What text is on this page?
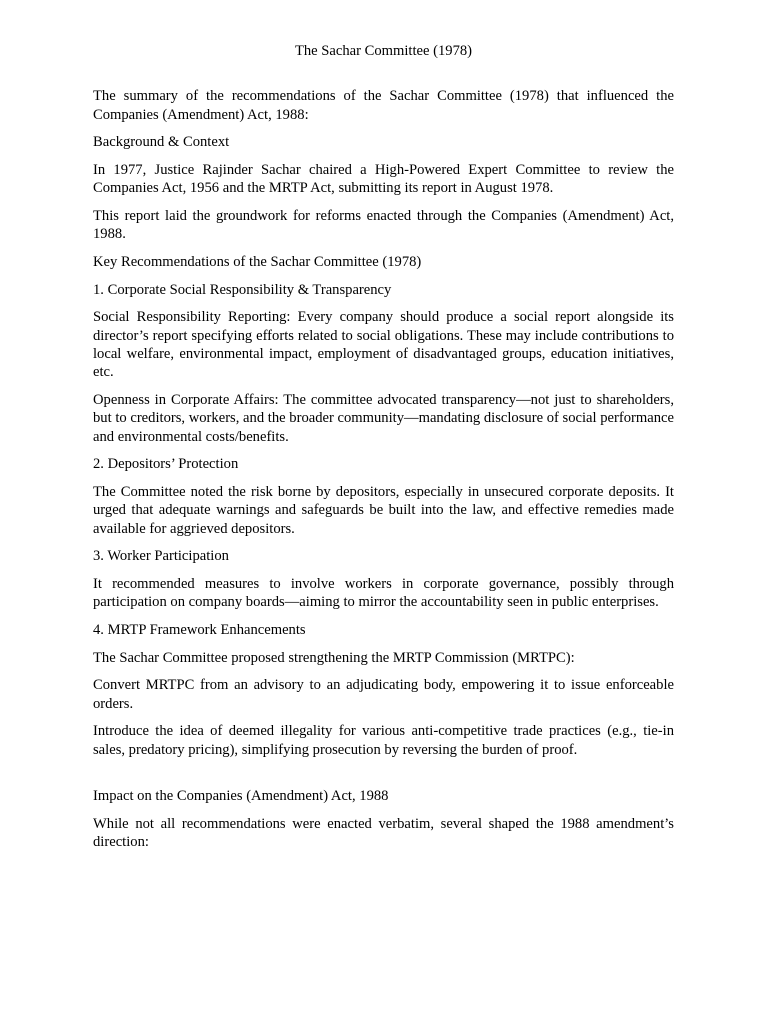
The Sachar Committee (1978)

The summary of the recommendations of the Sachar Committee (1978) that influenced the Companies (Amendment) Act, 1988:

Background & Context

In 1977, Justice Rajinder Sachar chaired a High-Powered Expert Committee to review the Companies Act, 1956 and the MRTP Act, submitting its report in August 1978.

This report laid the groundwork for reforms enacted through the Companies (Amendment) Act, 1988.

Key Recommendations of the Sachar Committee (1978)

1. Corporate Social Responsibility & Transparency

Social Responsibility Reporting: Every company should produce a social report alongside its director’s report specifying efforts related to social obligations. These may include contributions to local welfare, environmental impact, employment of disadvantaged groups, education initiatives, etc.

Openness in Corporate Affairs: The committee advocated transparency—not just to shareholders, but to creditors, workers, and the broader community—mandating disclosure of social performance and environmental costs/benefits.

2. Depositors’ Protection

The Committee noted the risk borne by depositors, especially in unsecured corporate deposits. It urged that adequate warnings and safeguards be built into the law, and effective remedies made available for aggrieved depositors.

3. Worker Participation

It recommended measures to involve workers in corporate governance, possibly through participation on company boards—aiming to mirror the accountability seen in public enterprises.

4. MRTP Framework Enhancements

The Sachar Committee proposed strengthening the MRTP Commission (MRTPC):

Convert MRTPC from an advisory to an adjudicating body, empowering it to issue enforceable orders.

Introduce the idea of deemed illegality for various anti-competitive trade practices (e.g., tie-in sales, predatory pricing), simplifying prosecution by reversing the burden of proof.

Impact on the Companies (Amendment) Act, 1988

While not all recommendations were enacted verbatim, several shaped the 1988 amendment’s direction:
